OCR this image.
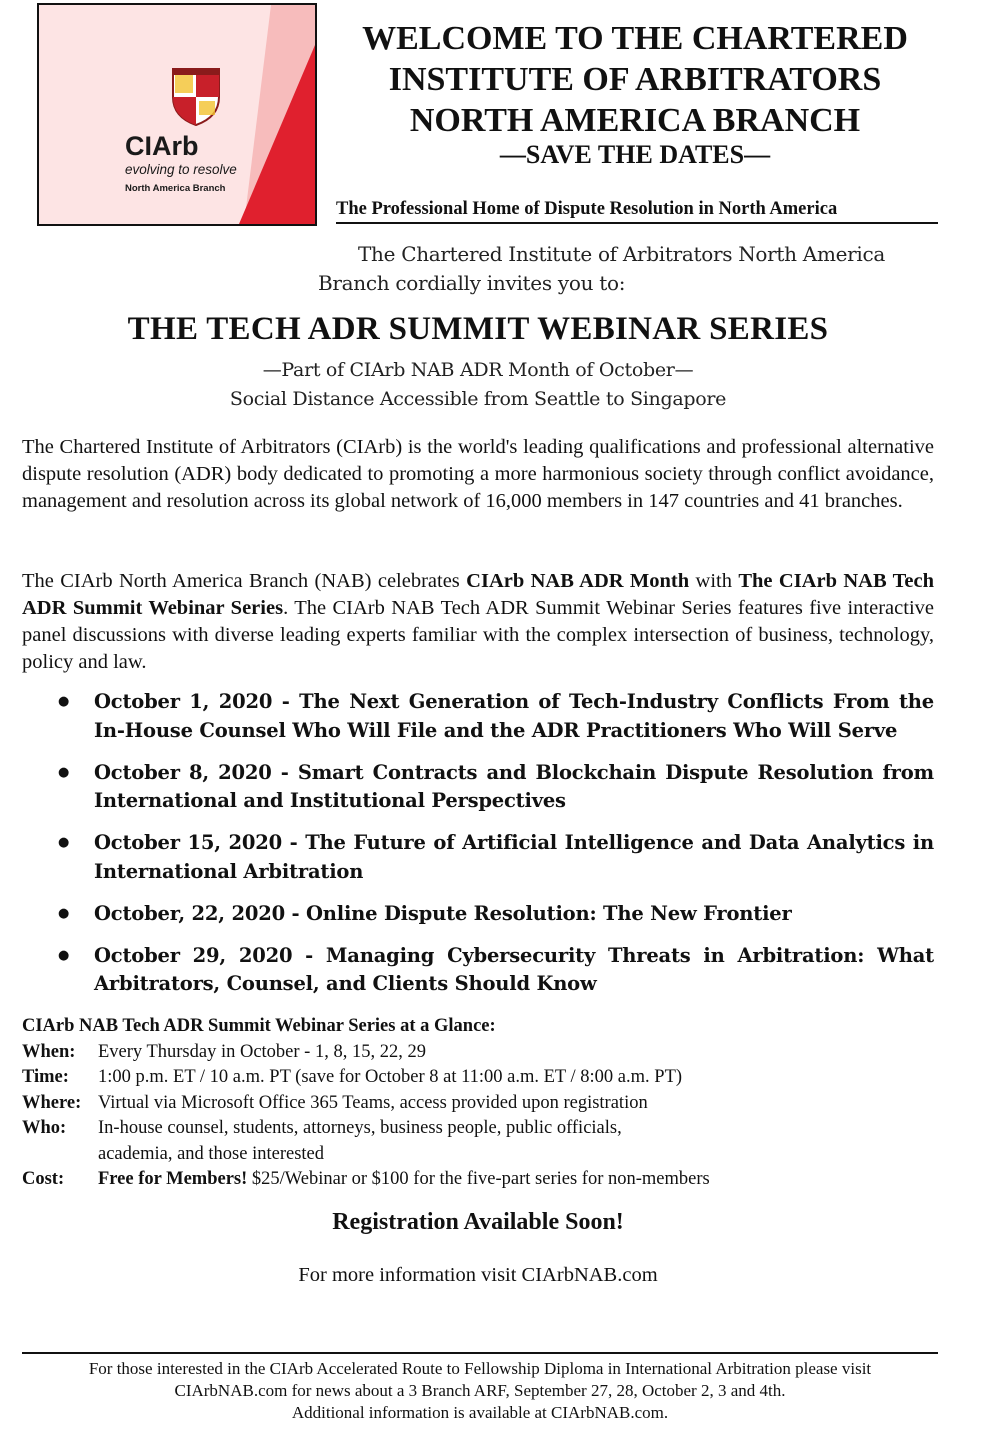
CIArb
evolving to resolve
North America Branch
WELCOME TO THE CHARTERED
INSTITUTE OF ARBITRATORS
NORTH AMERICA BRANCH
—SAVE THE DATES—
The Professional Home of Dispute Resolution in North America
The Chartered Institute of Arbitrators North America Branch cordially invites you to:
THE TECH ADR SUMMIT WEBINAR SERIES
—Part of CIArb NAB ADR Month of October—
Social Distance Accessible from Seattle to Singapore
The Chartered Institute of Arbitrators (CIArb) is the world's leading qualifications and professional alternative dispute resolution (ADR) body dedicated to promoting a more harmonious society through conflict avoidance, management and resolution across its global network of 16,000 members in 147 countries and 41 branches.
The CIArb North America Branch (NAB) celebrates CIArb NAB ADR Month with The CIArb NAB Tech ADR Summit Webinar Series. The CIArb NAB Tech ADR Summit Webinar Series features five interactive panel discussions with diverse leading experts familiar with the complex intersection of business, technology, policy and law.
● October 1, 2020 - The Next Generation of Tech-Industry Conflicts From the In-House Counsel Who Will File and the ADR Practitioners Who Will Serve
● October 8, 2020 - Smart Contracts and Blockchain Dispute Resolution from International and Institutional Perspectives
● October 15, 2020 - The Future of Artificial Intelligence and Data Analytics in International Arbitration
● October, 22, 2020 - Online Dispute Resolution: The New Frontier
● October 29, 2020 - Managing Cybersecurity Threats in Arbitration: What Arbitrators, Counsel, and Clients Should Know
CIArb NAB Tech ADR Summit Webinar Series at a Glance:
When:	Every Thursday in October - 1, 8, 15, 22, 29
Time:	1:00 p.m. ET / 10 a.m. PT (save for October 8 at 11:00 a.m. ET / 8:00 a.m. PT)
Where: Virtual via Microsoft Office 365 Teams, access provided upon registration
Who:	In-house counsel, students, attorneys, business people, public officials,
academia, and those interested
Cost:	Free for Members! $25/Webinar or $100 for the five-part series for non-members
Registration Available Soon!
For more information visit CIArbNAB.com
For those interested in the CIArb Accelerated Route to Fellowship Diploma in International Arbitration please visit
CIArbNAB.com for news about a 3 Branch ARF, September 27, 28, October 2, 3 and 4th.
Additional information is available at CIArbNAB.com.
